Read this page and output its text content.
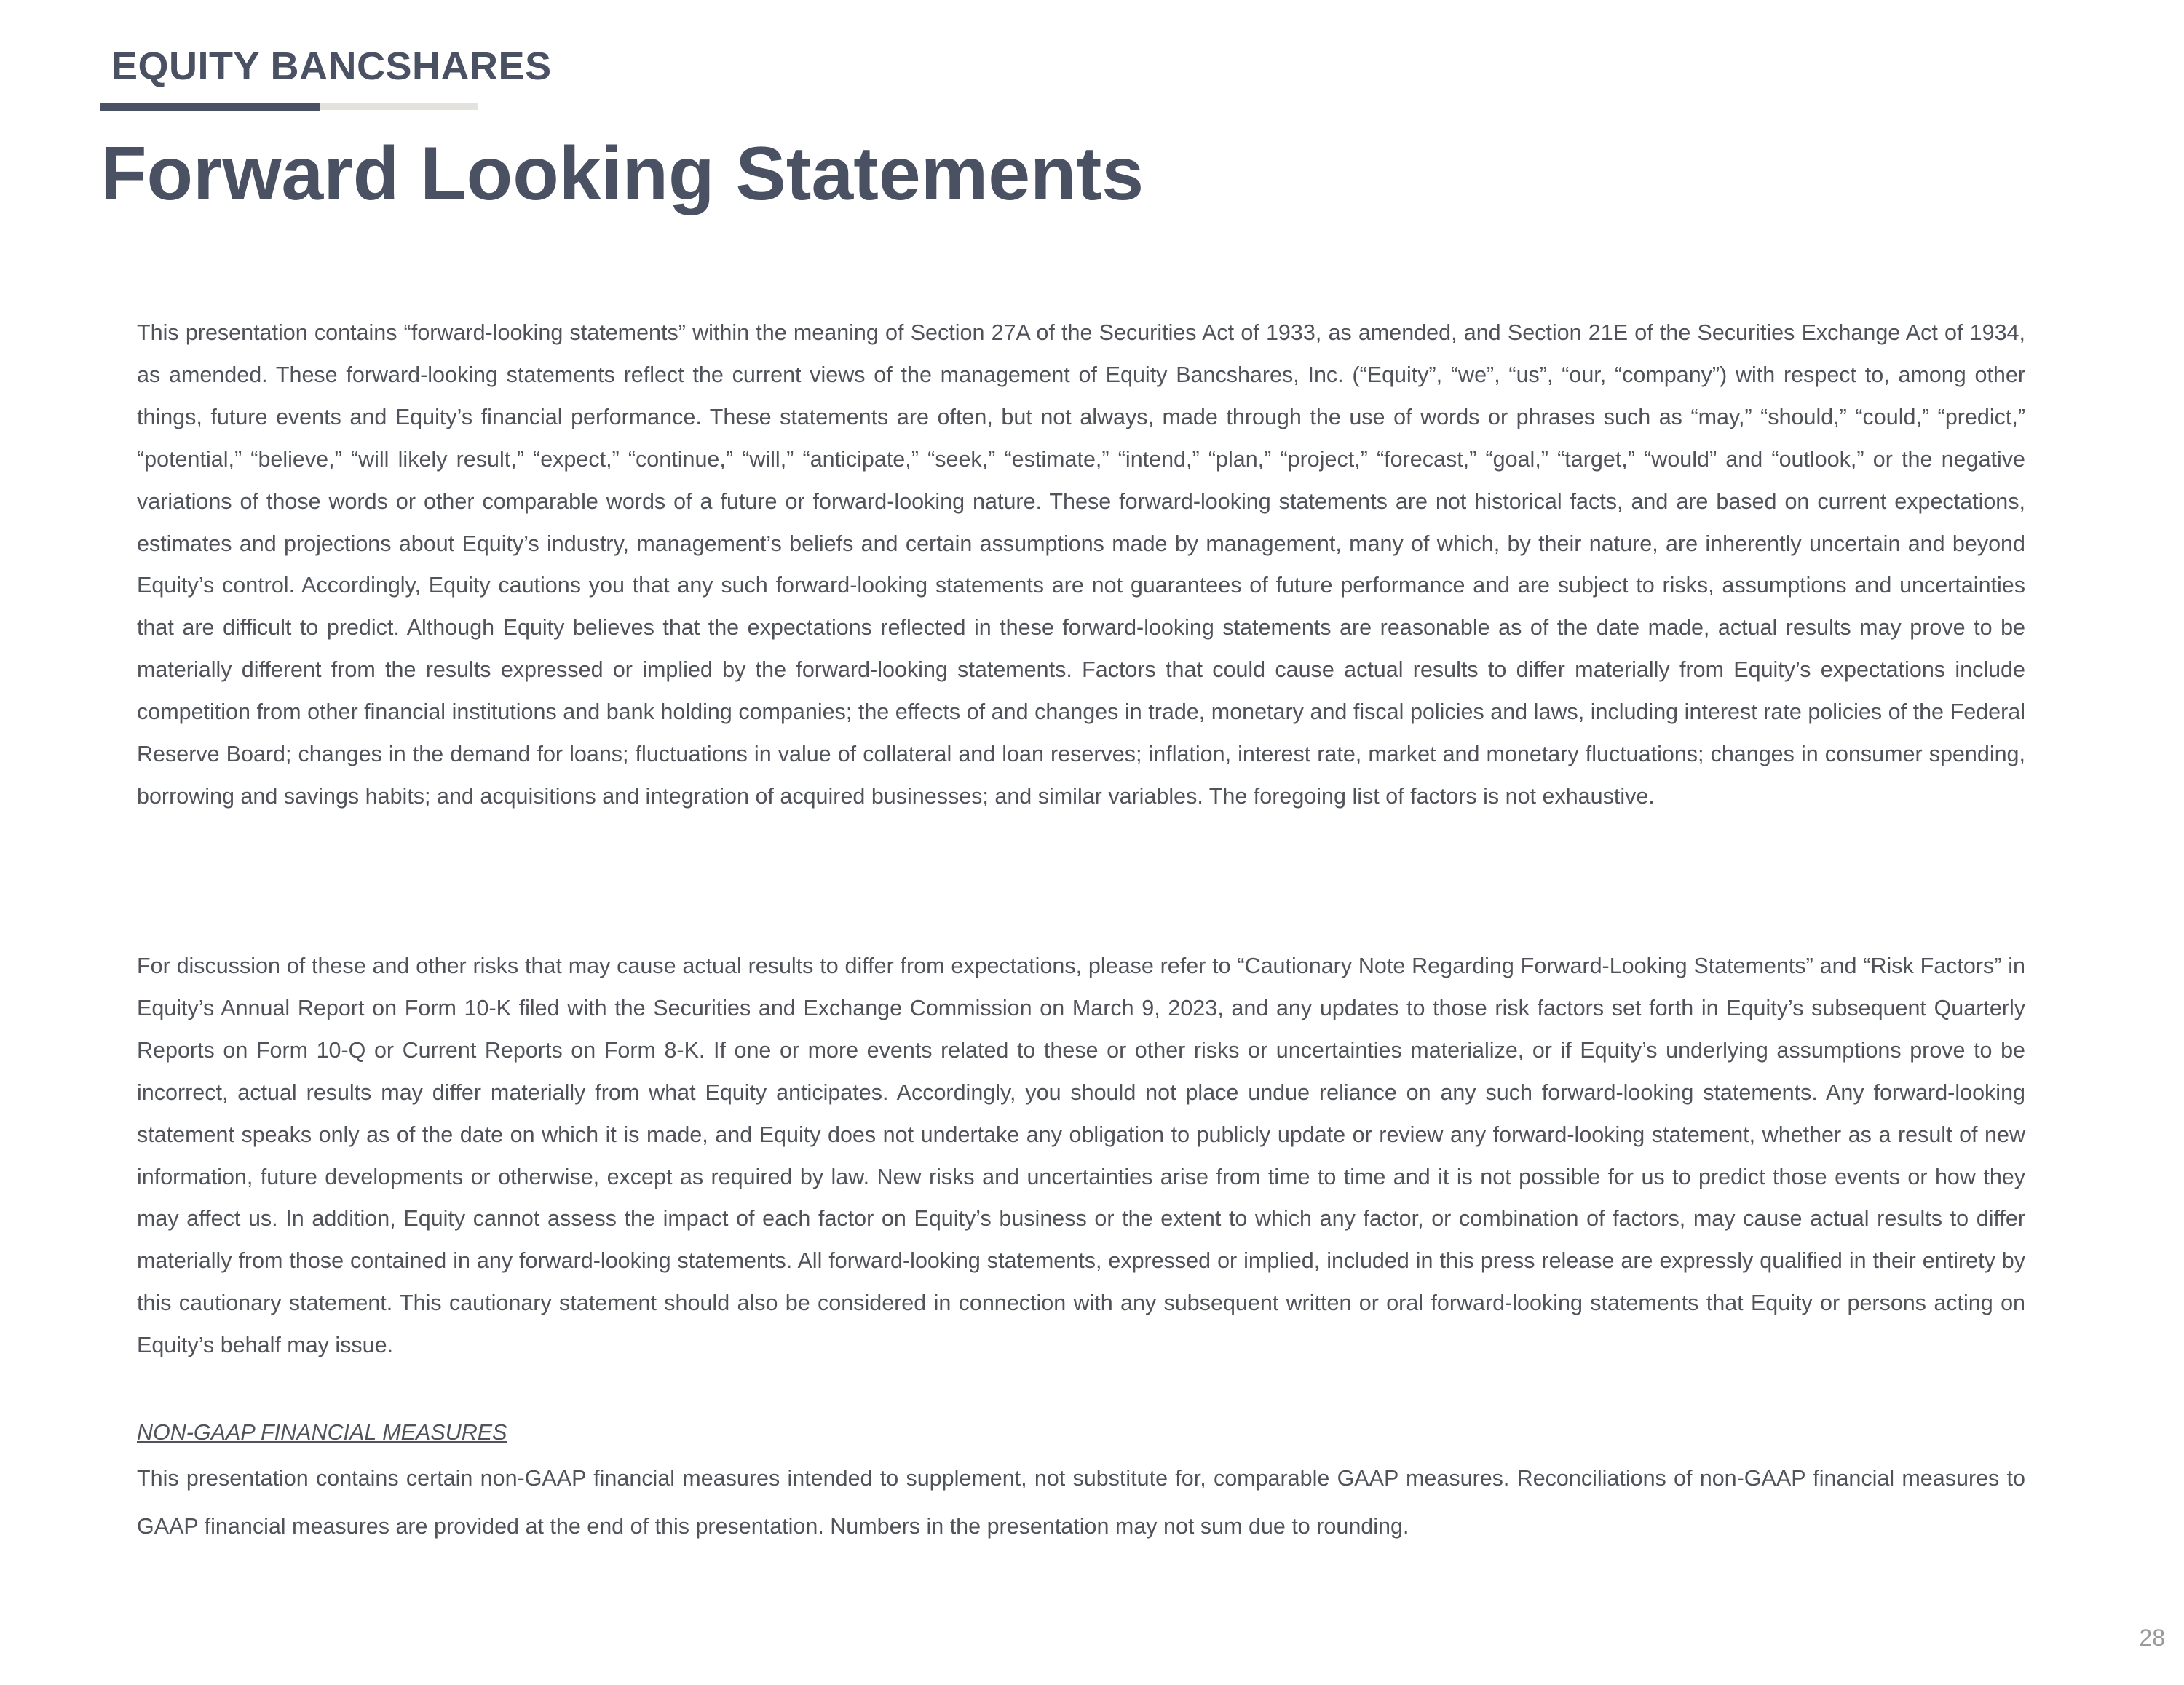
EQUITY BANCSHARES
Forward Looking Statements

This presentation contains “forward-looking statements” within the meaning of Section 27A of the Securities Act of 1933, as amended, and Section 21E of the Securities Exchange Act of 1934, as amended. These forward-looking statements reflect the current views of the management of Equity Bancshares, Inc. (“Equity”, “we”, “us”, “our, “company”) with respect to, among other things, future events and Equity’s financial performance. These statements are often, but not always, made through the use of words or phrases such as “may,” “should,” “could,” “predict,” “potential,” “believe,” “will likely result,” “expect,” “continue,” “will,” “anticipate,” “seek,” “estimate,” “intend,” “plan,” “project,” “forecast,” “goal,” “target,” “would” and “outlook,” or the negative variations of those words or other comparable words of a future or forward-looking nature. These forward-looking statements are not historical facts, and are based on current expectations, estimates and projections about Equity’s industry, management’s beliefs and certain assumptions made by management, many of which, by their nature, are inherently uncertain and beyond Equity’s control. Accordingly, Equity cautions you that any such forward-looking statements are not guarantees of future performance and are subject to risks, assumptions and uncertainties that are difficult to predict. Although Equity believes that the expectations reflected in these forward-looking statements are reasonable as of the date made, actual results may prove to be materially different from the results expressed or implied by the forward-looking statements. Factors that could cause actual results to differ materially from Equity’s expectations include competition from other financial institutions and bank holding companies; the effects of and changes in trade, monetary and fiscal policies and laws, including interest rate policies of the Federal Reserve Board; changes in the demand for loans; fluctuations in value of collateral and loan reserves; inflation, interest rate, market and monetary fluctuations; changes in consumer spending, borrowing and savings habits; and acquisitions and integration of acquired businesses; and similar variables. The foregoing list of factors is not exhaustive.

For discussion of these and other risks that may cause actual results to differ from expectations, please refer to “Cautionary Note Regarding Forward-Looking Statements” and “Risk Factors” in Equity’s Annual Report on Form 10-K filed with the Securities and Exchange Commission on March 9, 2023, and any updates to those risk factors set forth in Equity’s subsequent Quarterly Reports on Form 10-Q or Current Reports on Form 8-K. If one or more events related to these or other risks or uncertainties materialize, or if Equity’s underlying assumptions prove to be incorrect, actual results may differ materially from what Equity anticipates. Accordingly, you should not place undue reliance on any such forward-looking statements. Any forward-looking statement speaks only as of the date on which it is made, and Equity does not undertake any obligation to publicly update or review any forward-looking statement, whether as a result of new information, future developments or otherwise, except as required by law. New risks and uncertainties arise from time to time and it is not possible for us to predict those events or how they may affect us. In addition, Equity cannot assess the impact of each factor on Equity’s business or the extent to which any factor, or combination of factors, may cause actual results to differ materially from those contained in any forward-looking statements. All forward-looking statements, expressed or implied, included in this press release are expressly qualified in their entirety by this cautionary statement. This cautionary statement should also be considered in connection with any subsequent written or oral forward-looking statements that Equity or persons acting on Equity’s behalf may issue.

NON-GAAP FINANCIAL MEASURES

This presentation contains certain non-GAAP financial measures intended to supplement, not substitute for, comparable GAAP measures. Reconciliations of non-GAAP financial measures to GAAP financial measures are provided at the end of this presentation. Numbers in the presentation may not sum due to rounding.

28
